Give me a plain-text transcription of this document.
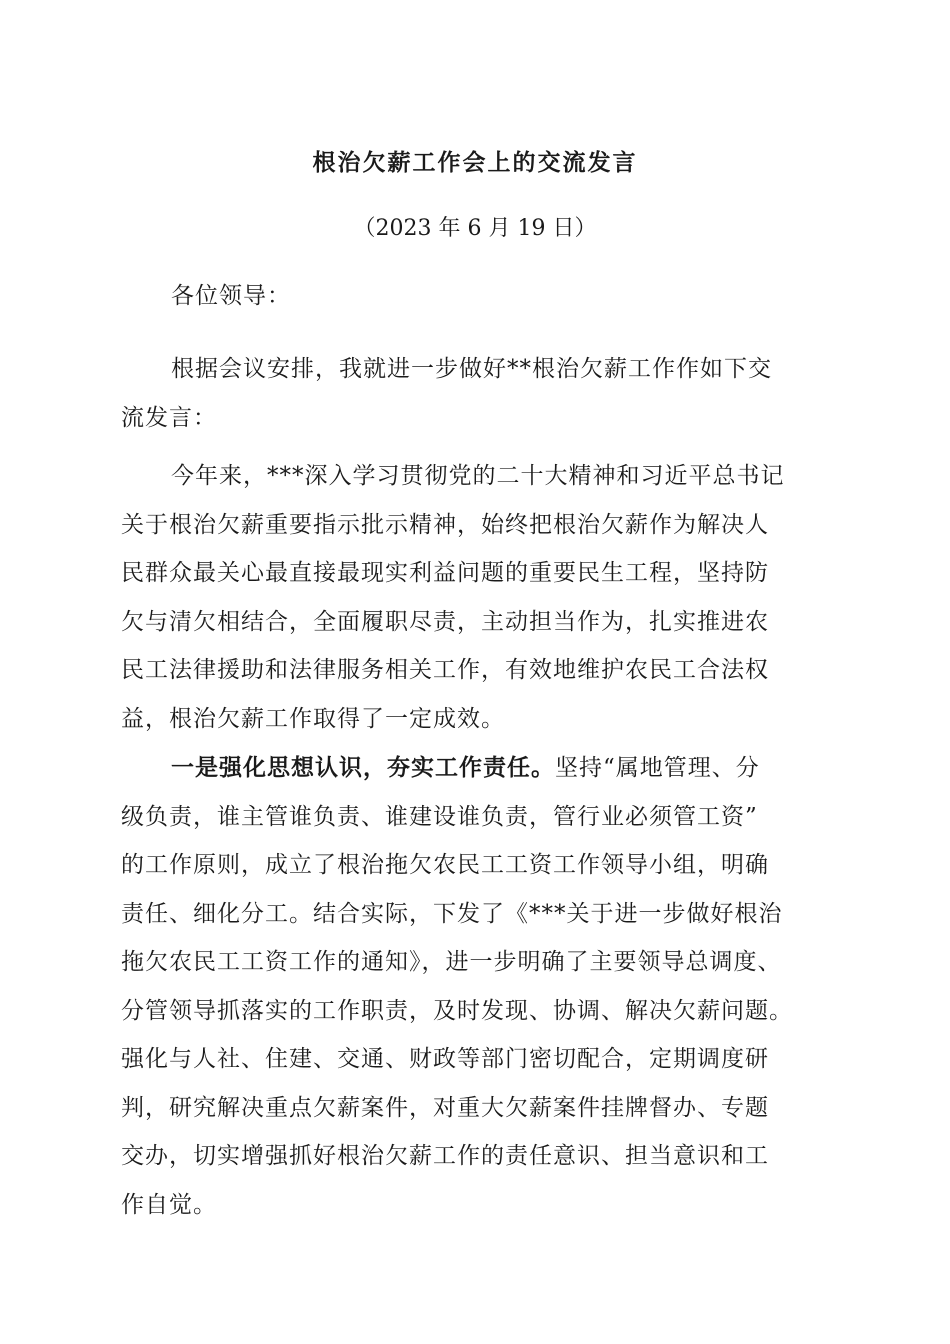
根治欠薪工作会上的交流发言

（2023 年 6 月 19 日）

各位领导：

根据会议安排，我就进一步做好**根治欠薪工作作如下交
流发言：

今年来，***深入学习贯彻党的二十大精神和习近平总书记
关于根治欠薪重要指示批示精神，始终把根治欠薪作为解决人
民群众最关心最直接最现实利益问题的重要民生工程，坚持防
欠与清欠相结合，全面履职尽责，主动担当作为，扎实推进农
民工法律援助和法律服务相关工作，有效地维护农民工合法权
益，根治欠薪工作取得了一定成效。

一是强化思想认识，夯实工作责任。坚持“属地管理、分
级负责，谁主管谁负责、谁建设谁负责，管行业必须管工资”
的工作原则，成立了根治拖欠农民工工资工作领导小组，明确
责任、细化分工。结合实际，下发了《***关于进一步做好根治
拖欠农民工工资工作的通知》，进一步明确了主要领导总调度、
分管领导抓落实的工作职责，及时发现、协调、解决欠薪问题。
强化与人社、住建、交通、财政等部门密切配合，定期调度研
判，研究解决重点欠薪案件，对重大欠薪案件挂牌督办、专题
交办，切实增强抓好根治欠薪工作的责任意识、担当意识和工
作自觉。
